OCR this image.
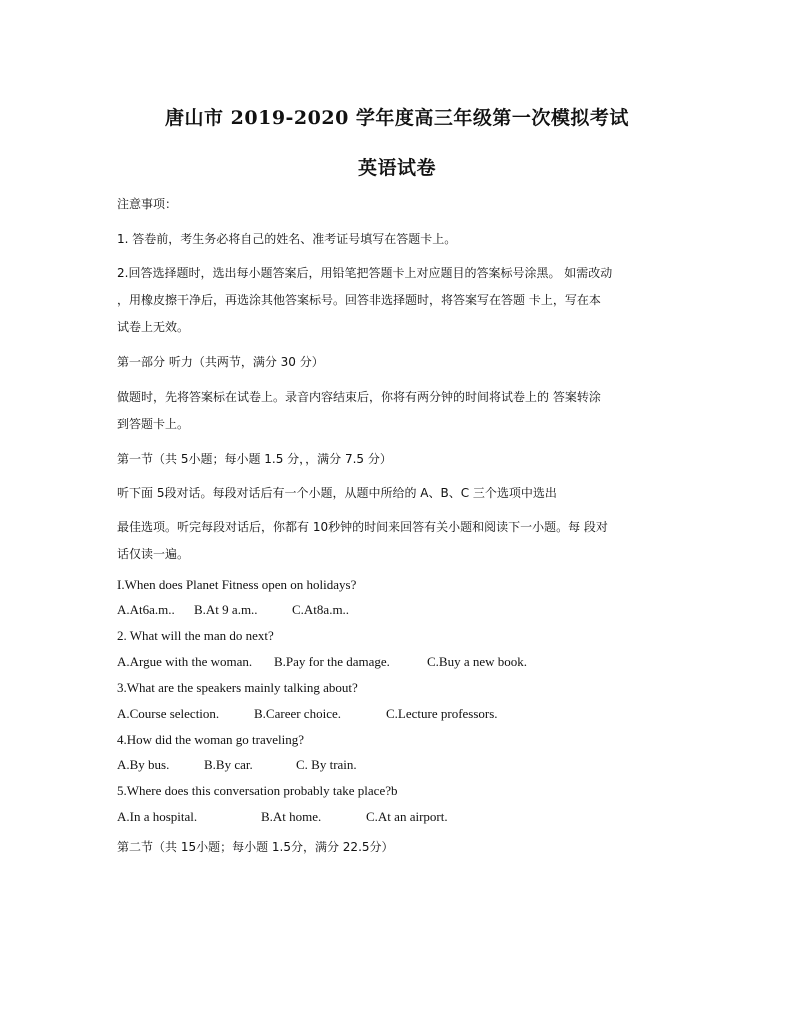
唐山市 2019-2020 学年度高三年级第一次模拟考试
英语试卷
注意事项：
1. 答卷前，考生务必将自己的姓名、准考证号填写在答题卡上。
2.回答选择题时，选出每小题答案后，用铅笔把答题卡上对应题目的答案标号涂黑。 如需改动
，用橡皮擦干净后，再选涂其他答案标号。回答非选择题时，将答案写在答题 卡上，写在本
试卷上无效。
第一部分 听力（共两节，满分 30 分）
做题时，先将答案标在试卷上。录音内容结束后，你将有两分钟的时间将试卷上的 答案转涂
到答题卡上。
第一节（共 5小题；每小题 1.5 分，，满分 7.5 分）
听下面 5段对话。每段对话后有一个小题，从题中所给的 A、B、C 三个选项中选出
最佳选项。听完每段对话后，你都有 10秒钟的时间来回答有关小题和阅读下一小题。每 段对
话仅读一遍。
I.When does Planet Fitness open on holidays?
A.At6a.m.. B.At 9 a.m..	C.At8a.m..
2. What will the man do next?
A.Argue with the woman. B.Pay for the damage.	C.Buy a new book.
3.What are the speakers mainly talking about?
A.Course selection.	B.Career choice.	C.Lecture professors.
4.How did the woman go traveling?
A.By bus.	B.By car.	C. By train.
5.Where does this conversation probably take place?b
A.In a hospital.	B.At home.	C.At an airport.
第二节（共 15小题；每小题 1.5分，满分 22.5分）
